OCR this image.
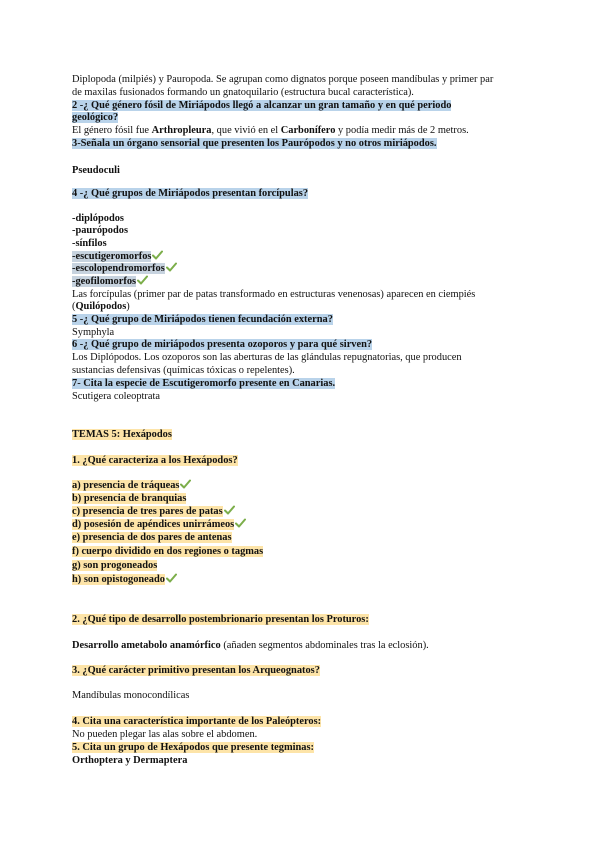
Diplopoda (milpiés) y Pauropoda. Se agrupan como dignatos porque poseen mandíbulas y primer par
de maxilas fusionados formando un gnatoquilario (estructura bucal característica).
2 -¿ Qué género fósil de Miriápodos llegó a alcanzar un gran tamaño y en qué periodo
geológico?
El género fósil fue Arthropleura, que vivió en el Carbonífero y podía medir más de 2 metros.
3-Señala un órgano sensorial que presenten los Paurópodos y no otros miriápodos.
Pseudoculi
4 -¿ Qué grupos de Miriápodos presentan forcípulas?
-diplópodos
-paurópodos
-sínfilos
-escutigeromorfos
-escolopendromorfos
-geofilomorfos
Las forcípulas (primer par de patas transformado en estructuras venenosas) aparecen en ciempiés
(Quilópodos)
5 -¿ Qué grupo de Miriápodos tienen fecundación externa?
Symphyla
6 -¿ Qué grupo de miriápodos presenta ozoporos y para qué sirven?
Los Diplópodos. Los ozoporos son las aberturas de las glándulas repugnatorias, que producen
sustancias defensivas (químicas tóxicas o repelentes).
7- Cita la especie de Escutigeromorfo presente en Canarias.
Scutigera coleoptrata
TEMAS 5: Hexápodos
1. ¿Qué caracteriza a los Hexápodos?
a) presencia de tráqueas
b) presencia de branquias
c) presencia de tres pares de patas
d) posesión de apéndices unirrámeos
e) presencia de dos pares de antenas
f) cuerpo dividido en dos regiones o tagmas
g) son progoneados
h) son opistogoneado
2. ¿Qué tipo de desarrollo postembrionario presentan los Proturos:
Desarrollo ametabolo anamórfico (añaden segmentos abdominales tras la eclosión).
3. ¿Qué carácter primitivo presentan los Arqueognatos?
Mandíbulas monocondílicas
4. Cita una característica importante de los Paleópteros:
No pueden plegar las alas sobre el abdomen.
5. Cita un grupo de Hexápodos que presente tegminas:
Orthoptera y Dermaptera
